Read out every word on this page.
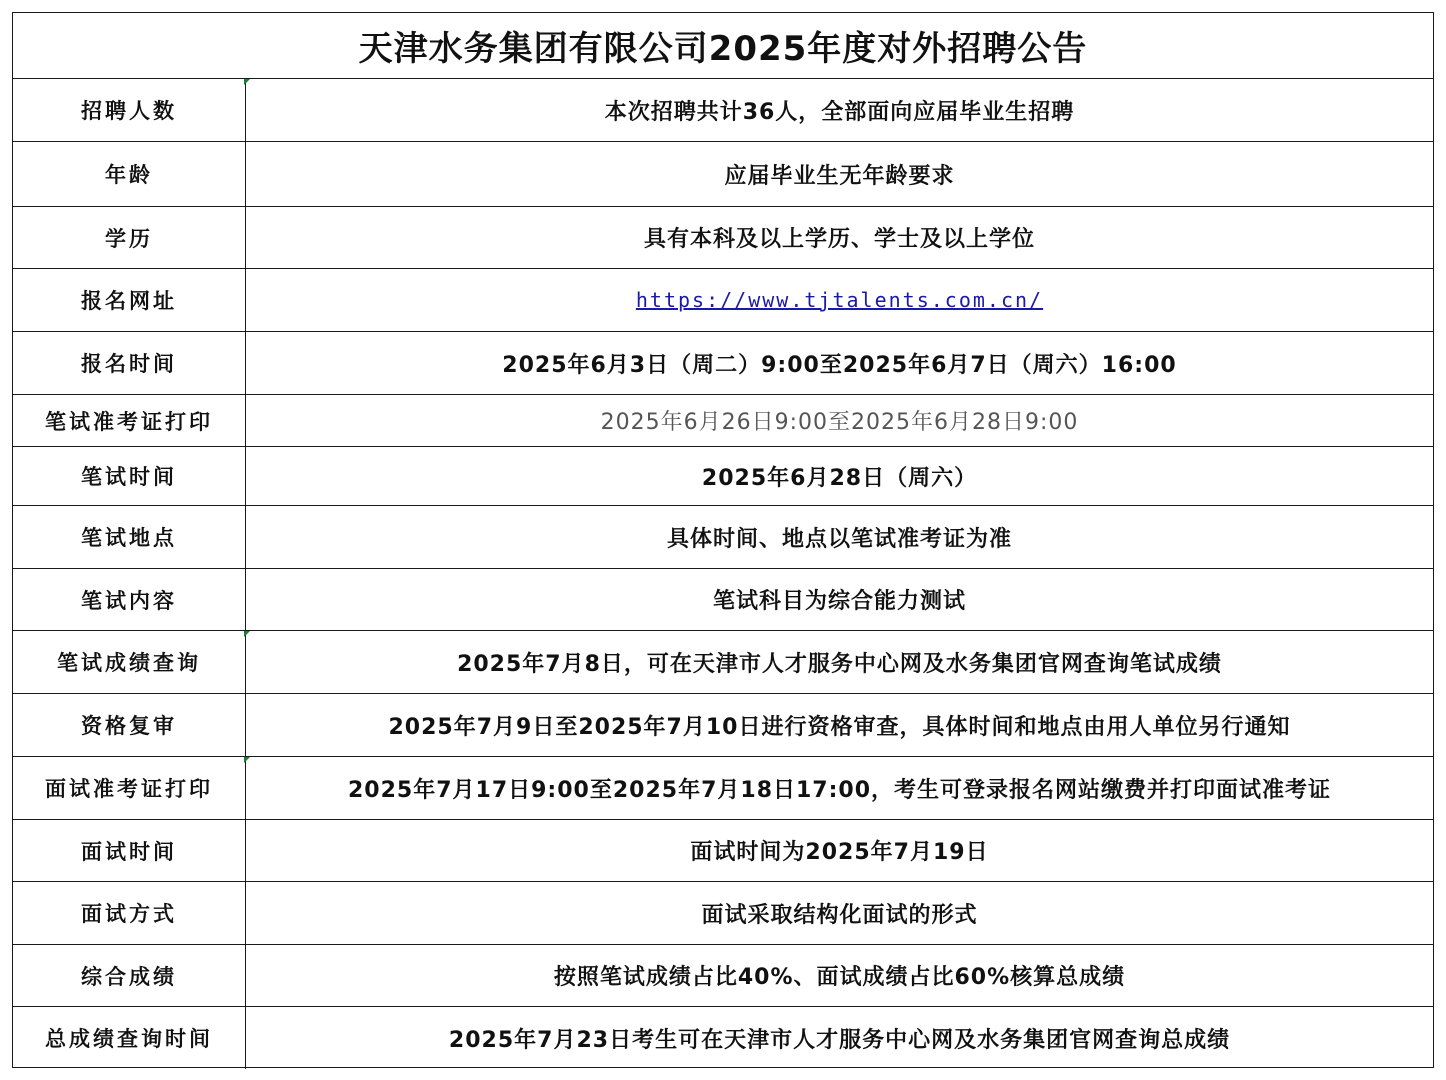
天津水务集团有限公司2025年度对外招聘公告
招聘人数	本次招聘共计36人，全部面向应届毕业生招聘
年龄	应届毕业生无年龄要求
学历	具有本科及以上学历、学士及以上学位
报名网址	https://www.tjtalents.com.cn/
报名时间	2025年6月3日（周二）9:00至2025年6月7日（周六）16:00
笔试准考证打印	2025年6月26日9:00至2025年6月28日9:00
笔试时间	2025年6月28日（周六）
笔试地点	具体时间、地点以笔试准考证为准
笔试内容	笔试科目为综合能力测试
笔试成绩查询	2025年7月8日，可在天津市人才服务中心网及水务集团官网查询笔试成绩
资格复审	2025年7月9日至2025年7月10日进行资格审查，具体时间和地点由用人单位另行通知
面试准考证打印	2025年7月17日9:00至2025年7月18日17:00，考生可登录报名网站缴费并打印面试准考证
面试时间	面试时间为2025年7月19日
面试方式	面试采取结构化面试的形式
综合成绩	按照笔试成绩占比40%、面试成绩占比60%核算总成绩
总成绩查询时间	2025年7月23日考生可在天津市人才服务中心网及水务集团官网查询总成绩
